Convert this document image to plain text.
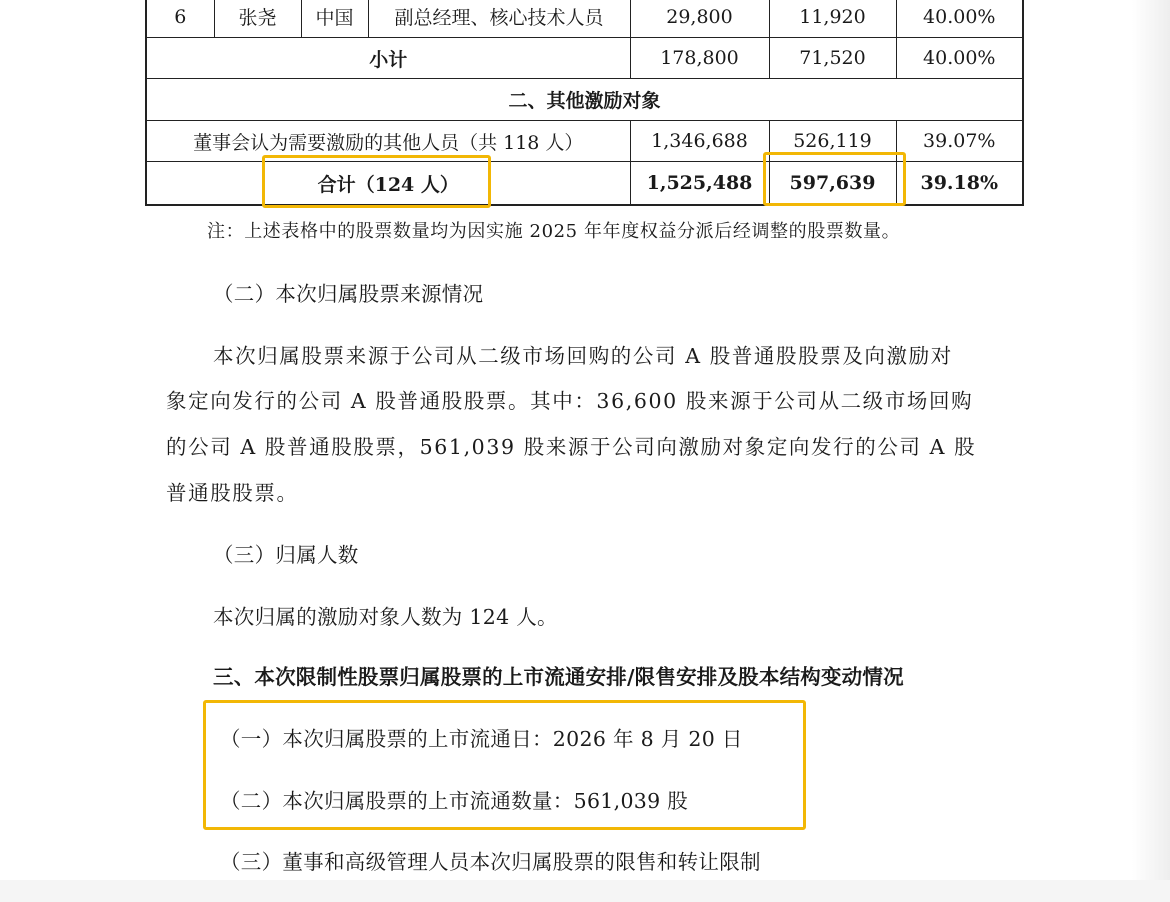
6	张尧	中国	副总经理、核心技术人员	29,800	11,920	40.00%
小计				178,800	71,520	40.00%
二、其他激励对象						
董事会认为需要激励的其他人员（共 118 人）				1,346,688	526,119	39.07%
合计（124 人）				1,525,488	597,639	39.18%

注：上述表格中的股票数量均为因实施 2025 年年度权益分派后经调整的股票数量。

（二）本次归属股票来源情况

本次归属股票来源于公司从二级市场回购的公司 A 股普通股股票及向激励对

象定向发行的公司 A 股普通股股票。其中：36,600 股来源于公司从二级市场回购

的公司 A 股普通股股票，561,039 股来源于公司向激励对象定向发行的公司 A 股

普通股股票。

（三）归属人数

本次归属的激励对象人数为 124 人。

三、本次限制性股票归属股票的上市流通安排/限售安排及股本结构变动情况

（一）本次归属股票的上市流通日：2026 年 8 月 20 日

（二）本次归属股票的上市流通数量：561,039 股

（三）董事和高级管理人员本次归属股票的限售和转让限制
